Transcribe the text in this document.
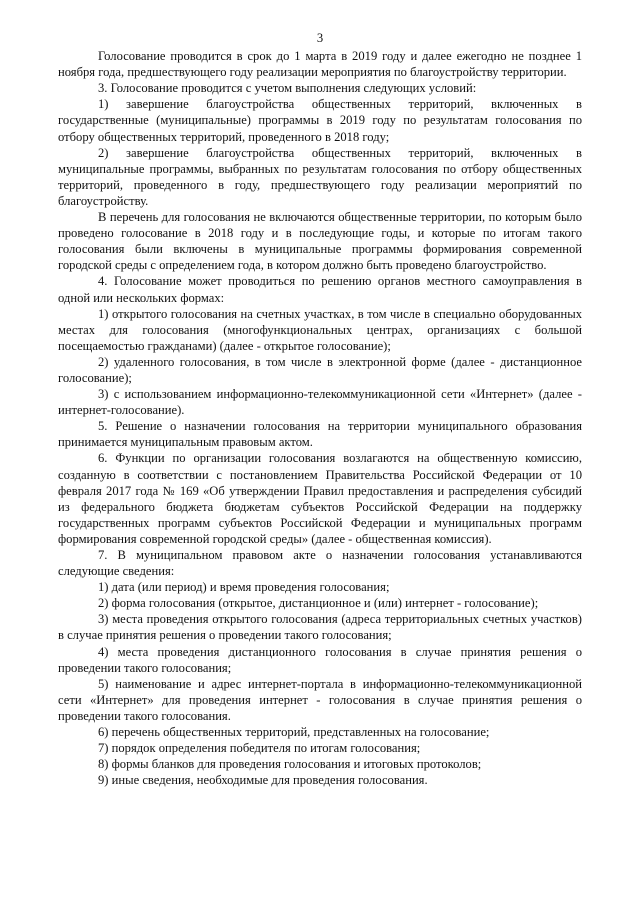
3

Голосование проводится в срок до 1 марта в 2019 году и далее ежегодно не позднее 1 ноября года, предшествующего году реализации мероприятия по благоустройству территории.

3. Голосование проводится с учетом выполнения следующих условий:

1) завершение благоустройства общественных территорий, включенных в государственные (муниципальные) программы в 2019 году по результатам голосования по отбору общественных территорий, проведенного в 2018 году;

2) завершение благоустройства общественных территорий, включенных в муниципальные программы, выбранных по результатам голосования по отбору общественных территорий, проведенного в году, предшествующего году реализации мероприятий по благоустройству.

В перечень для голосования не включаются общественные территории, по которым было проведено голосование в 2018 году и в последующие годы, и которые по итогам такого голосования были включены в муниципальные программы формирования современной городской среды с определением года, в котором должно быть проведено благоустройство.

4. Голосование может проводиться по решению органов местного самоуправления в одной или нескольких формах:

1) открытого голосования на счетных участках, в том числе в специально оборудованных местах для голосования (многофункциональных центрах, организациях с большой посещаемостью гражданами) (далее - открытое голосование);

2) удаленного голосования, в том числе в электронной форме (далее - дистанционное голосование);

3) с использованием информационно-телекоммуникационной сети «Интернет» (далее - интернет-голосование).

5. Решение о назначении голосования на территории муниципального образования принимается муниципальным правовым актом.

6. Функции по организации голосования возлагаются на общественную комиссию, созданную в соответствии с постановлением Правительства Российской Федерации от 10 февраля 2017 года № 169 «Об утверждении Правил предоставления и распределения субсидий из федерального бюджета бюджетам субъектов Российской Федерации на поддержку государственных программ субъектов Российской Федерации и муниципальных программ формирования современной городской среды» (далее - общественная комиссия).

7. В муниципальном правовом акте о назначении голосования устанавливаются следующие сведения:

1) дата (или период) и время проведения голосования;

2) форма голосования (открытое, дистанционное и (или) интернет - голосование);

3) места проведения открытого голосования (адреса территориальных счетных участков) в случае принятия решения о проведении такого голосования;

4) места проведения дистанционного голосования в случае принятия решения о проведении такого голосования;

5) наименование и адрес интернет-портала в информационно-телекоммуникационной сети «Интернет» для проведения интернет - голосования в случае принятия решения о проведении такого голосования.

6) перечень общественных территорий, представленных на голосование;

7) порядок определения победителя по итогам голосования;

8) формы бланков для проведения голосования и итоговых протоколов;

9) иные сведения, необходимые для проведения голосования.
